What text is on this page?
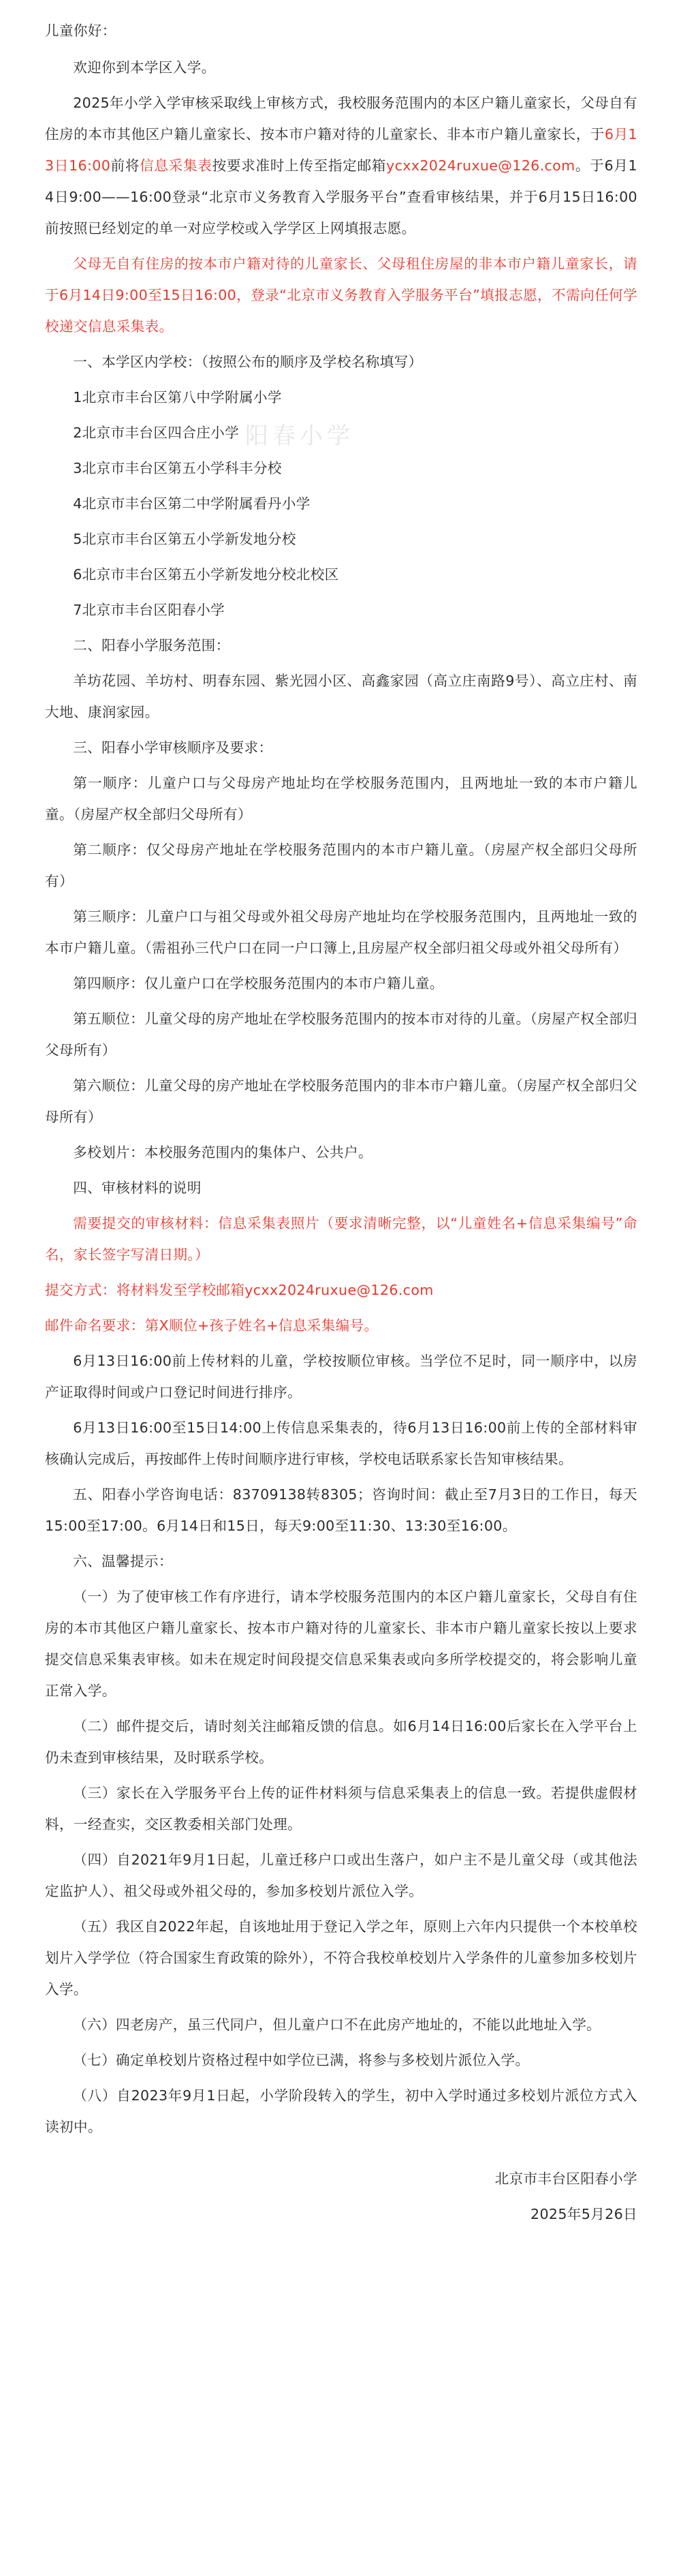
儿童你好：
欢迎你到本学区入学。
2025年小学入学审核采取线上审核方式，我校服务范围内的本区户籍儿童家长，父母自有住房的本市其他区户籍儿童家长、按本市户籍对待的儿童家长、非本市户籍儿童家长，于6月13日16:00前将信息采集表按要求准时上传至指定邮箱ycxx2024ruxue@126.com。于6月14日9:00——16:00登录“北京市义务教育入学服务平台”查看审核结果，并于6月15日16:00前按照已经划定的单一对应学校或入学学区上网填报志愿。
父母无自有住房的按本市户籍对待的儿童家长、父母租住房屋的非本市户籍儿童家长，请于6月14日9:00至15日16:00，登录“北京市义务教育入学服务平台”填报志愿，不需向任何学校递交信息采集表。
一、本学区内学校：（按照公布的顺序及学校名称填写）
1北京市丰台区第八中学附属小学
2北京市丰台区四合庄小学
3北京市丰台区第五小学科丰分校
4北京市丰台区第二中学附属看丹小学
5北京市丰台区第五小学新发地分校
6北京市丰台区第五小学新发地分校北校区
7北京市丰台区阳春小学
二、阳春小学服务范围：
羊坊花园、羊坊村、明春东园、紫光园小区、高鑫家园（高立庄南路9号）、高立庄村、南大地、康润家园。
三、阳春小学审核顺序及要求：
第一顺序：儿童户口与父母房产地址均在学校服务范围内，且两地址一致的本市户籍儿童。（房屋产权全部归父母所有）
第二顺序：仅父母房产地址在学校服务范围内的本市户籍儿童。（房屋产权全部归父母所有）
第三顺序：儿童户口与祖父母或外祖父母房产地址均在学校服务范围内，且两地址一致的本市户籍儿童。（需祖孙三代户口在同一户口簿上,且房屋产权全部归祖父母或外祖父母所有）
第四顺序：仅儿童户口在学校服务范围内的本市户籍儿童。
第五顺位：儿童父母的房产地址在学校服务范围内的按本市对待的儿童。（房屋产权全部归父母所有）
第六顺位：儿童父母的房产地址在学校服务范围内的非本市户籍儿童。（房屋产权全部归父母所有）
多校划片：本校服务范围内的集体户、公共户。
四、审核材料的说明
需要提交的审核材料：信息采集表照片（要求清晰完整，以“儿童姓名+信息采集编号”命名，家长签字写清日期。）
提交方式：将材料发至学校邮箱ycxx2024ruxue@126.com
邮件命名要求：第X顺位+孩子姓名+信息采集编号。
6月13日16:00前上传材料的儿童，学校按顺位审核。当学位不足时，同一顺序中，以房产证取得时间或户口登记时间进行排序。
6月13日16:00至15日14:00上传信息采集表的，待6月13日16:00前上传的全部材料审核确认完成后，再按邮件上传时间顺序进行审核，学校电话联系家长告知审核结果。
五、阳春小学咨询电话：83709138转8305；咨询时间：截止至7月3日的工作日，每天15:00至17:00。6月14日和15日，每天9:00至11:30、13:30至16:00。
六、温馨提示：
（一）为了使审核工作有序进行，请本学校服务范围内的本区户籍儿童家长，父母自有住房的本市其他区户籍儿童家长、按本市户籍对待的儿童家长、非本市户籍儿童家长按以上要求提交信息采集表审核。如未在规定时间段提交信息采集表或向多所学校提交的，将会影响儿童正常入学。
（二）邮件提交后，请时刻关注邮箱反馈的信息。如6月14日16:00后家长在入学平台上仍未查到审核结果，及时联系学校。
（三）家长在入学服务平台上传的证件材料须与信息采集表上的信息一致。若提供虚假材料，一经查实，交区教委相关部门处理。
（四）自2021年9月1日起，儿童迁移户口或出生落户，如户主不是儿童父母（或其他法定监护人）、祖父母或外祖父母的，参加多校划片派位入学。
（五）我区自2022年起，自该地址用于登记入学之年，原则上六年内只提供一个本校单校划片入学学位（符合国家生育政策的除外），不符合我校单校划片入学条件的儿童参加多校划片入学。
（六）四老房产，虽三代同户，但儿童户口不在此房产地址的，不能以此地址入学。
（七）确定单校划片资格过程中如学位已满，将参与多校划片派位入学。
（八）自2023年9月1日起，小学阶段转入的学生，初中入学时通过多校划片派位方式入读初中。
北京市丰台区阳春小学
2025年5月26日
阳春小学
